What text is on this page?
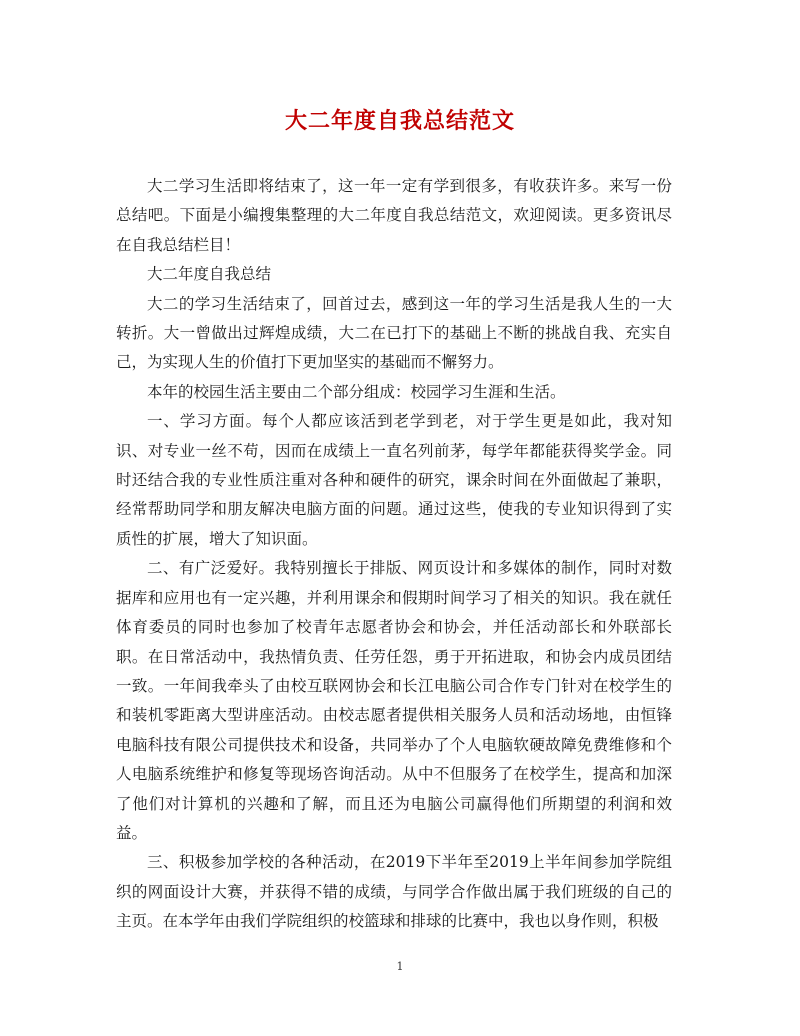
大二年度自我总结范文

大二学习生活即将结束了，这一年一定有学到很多，有收获许多。来写一份总结吧。下面是小编搜集整理的大二年度自我总结范文，欢迎阅读。更多资讯尽在自我总结栏目！

大二年度自我总结

大二的学习生活结束了，回首过去，感到这一年的学习生活是我人生的一大转折。大一曾做出过辉煌成绩，大二在已打下的基础上不断的挑战自我、充实自己，为实现人生的价值打下更加坚实的基础而不懈努力。

本年的校园生活主要由二个部分组成：校园学习生涯和生活。

一、学习方面。每个人都应该活到老学到老，对于学生更是如此，我对知识、对专业一丝不苟，因而在成绩上一直名列前茅，每学年都能获得奖学金。同时还结合我的专业性质注重对各种和硬件的研究，课余时间在外面做起了兼职，经常帮助同学和朋友解决电脑方面的问题。通过这些，使我的专业知识得到了实质性的扩展，增大了知识面。

二、有广泛爱好。我特别擅长于排版、网页设计和多媒体的制作，同时对数据库和应用也有一定兴趣，并利用课余和假期时间学习了相关的知识。我在就任体育委员的同时也参加了校青年志愿者协会和协会，并任活动部长和外联部长职。在日常活动中，我热情负责、任劳任怨，勇于开拓进取，和协会内成员团结一致。一年间我牵头了由校互联网协会和长江电脑公司合作专门针对在校学生的和装机零距离大型讲座活动。由校志愿者提供相关服务人员和活动场地，由恒锋电脑科技有限公司提供技术和设备，共同举办了个人电脑软硬故障免费维修和个人电脑系统维护和修复等现场咨询活动。从中不但服务了在校学生，提高和加深了他们对计算机的兴趣和了解，而且还为电脑公司赢得他们所期望的利润和效益。

三、积极参加学校的各种活动，在2019下半年至2019上半年间参加学院组织的网面设计大赛，并获得不错的成绩，与同学合作做出属于我们班级的自己的主页。在本学年由我们学院组织的校篮球和排球的比赛中，我也以身作则，积极

1
